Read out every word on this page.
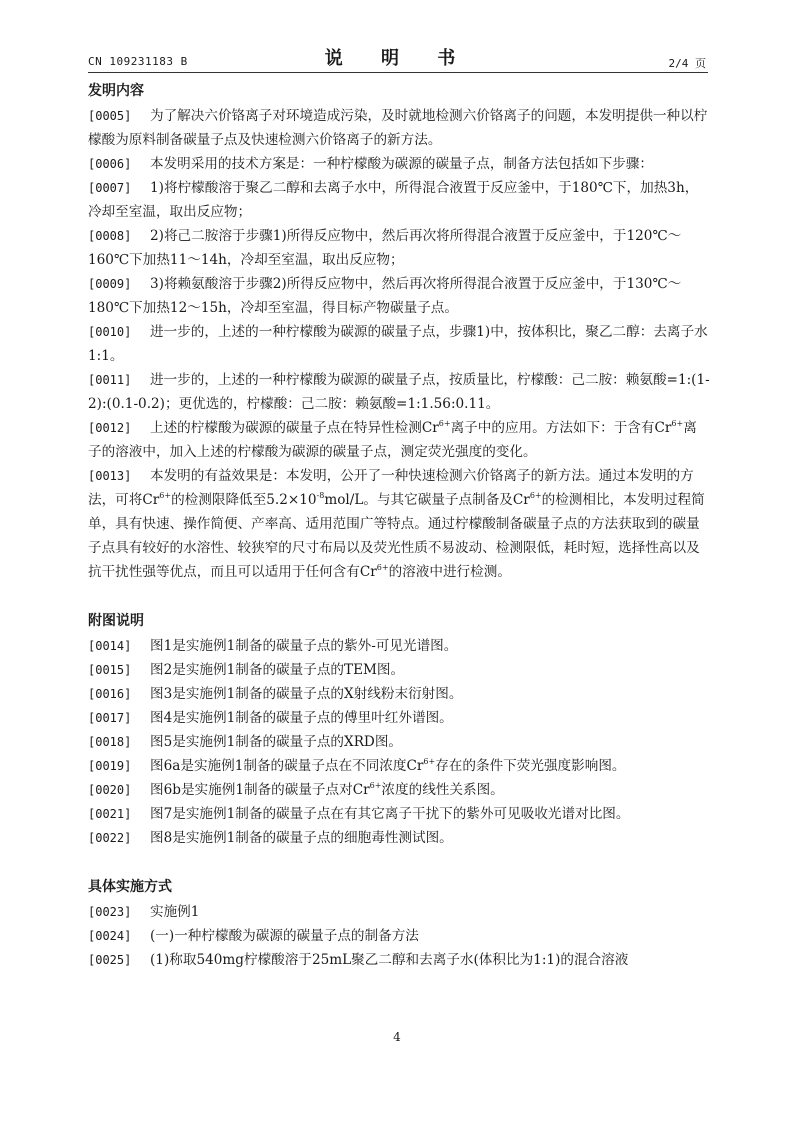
CN 109231183 B	说 明 书	2/4 页
发明内容
[0005] 为了解决六价铬离子对环境造成污染，及时就地检测六价铬离子的问题，本发明提供一种以柠檬酸为原料制备碳量子点及快速检测六价铬离子的新方法。
[0006] 本发明采用的技术方案是：一种柠檬酸为碳源的碳量子点，制备方法包括如下步骤：
[0007] 1)将柠檬酸溶于聚乙二醇和去离子水中，所得混合液置于反应釜中，于180℃下，加热3h，冷却至室温，取出反应物；
[0008] 2)将己二胺溶于步骤1)所得反应物中，然后再次将所得混合液置于反应釜中，于120℃～160℃下加热11～14h，冷却至室温，取出反应物；
[0009] 3)将赖氨酸溶于步骤2)所得反应物中，然后再次将所得混合液置于反应釜中，于130℃～180℃下加热12～15h，冷却至室温，得目标产物碳量子点。
[0010] 进一步的，上述的一种柠檬酸为碳源的碳量子点，步骤1)中，按体积比，聚乙二醇：去离子水1:1。
[0011] 进一步的，上述的一种柠檬酸为碳源的碳量子点，按质量比，柠檬酸：己二胺：赖氨酸=1:(1-2):(0.1-0.2)；更优选的，柠檬酸：己二胺：赖氨酸=1:1.56:0.11。
[0012] 上述的柠檬酸为碳源的碳量子点在特异性检测$Cr^{6+}$离子中的应用。方法如下：于含有$Cr^{6+}$离子的溶液中，加入上述的柠檬酸为碳源的碳量子点，测定荧光强度的变化。
[0013] 本发明的有益效果是：本发明，公开了一种快速检测六价铬离子的新方法。通过本发明的方法，可将$Cr^{6+}$的检测限降低至$5.2\times 10^{-8}mol/L$。与其它碳量子点制备及$Cr^{6+}$的检测相比，本发明过程简单，具有快速、操作简便、产率高、适用范围广等特点。通过柠檬酸制备碳量子点的方法获取到的碳量子点具有较好的水溶性、较狭窄的尺寸布局以及荧光性质不易波动、检测限低，耗时短，选择性高以及抗干扰性强等优点，而且可以适用于任何含有$Cr^{6+}$的溶液中进行检测。
附图说明
[0014] 图1是实施例1制备的碳量子点的紫外-可见光谱图。
[0015] 图2是实施例1制备的碳量子点的TEM图。
[0016] 图3是实施例1制备的碳量子点的X射线粉末衍射图。
[0017] 图4是实施例1制备的碳量子点的傅里叶红外谱图。
[0018] 图5是实施例1制备的碳量子点的XRD图。
[0019] 图6a是实施例1制备的碳量子点在不同浓度$Cr^{6+}$存在的条件下荧光强度影响图。
[0020] 图6b是实施例1制备的碳量子点对$Cr^{6+}$浓度的线性关系图。
[0021] 图7是实施例1制备的碳量子点在有其它离子干扰下的紫外可见吸收光谱对比图。
[0022] 图8是实施例1制备的碳量子点的细胞毒性测试图。
具体实施方式
[0023] 实施例1
[0024] (一)一种柠檬酸为碳源的碳量子点的制备方法
[0025] (1)称取540mg柠檬酸溶于25mL聚乙二醇和去离子水(体积比为1:1)的混合溶液
4
